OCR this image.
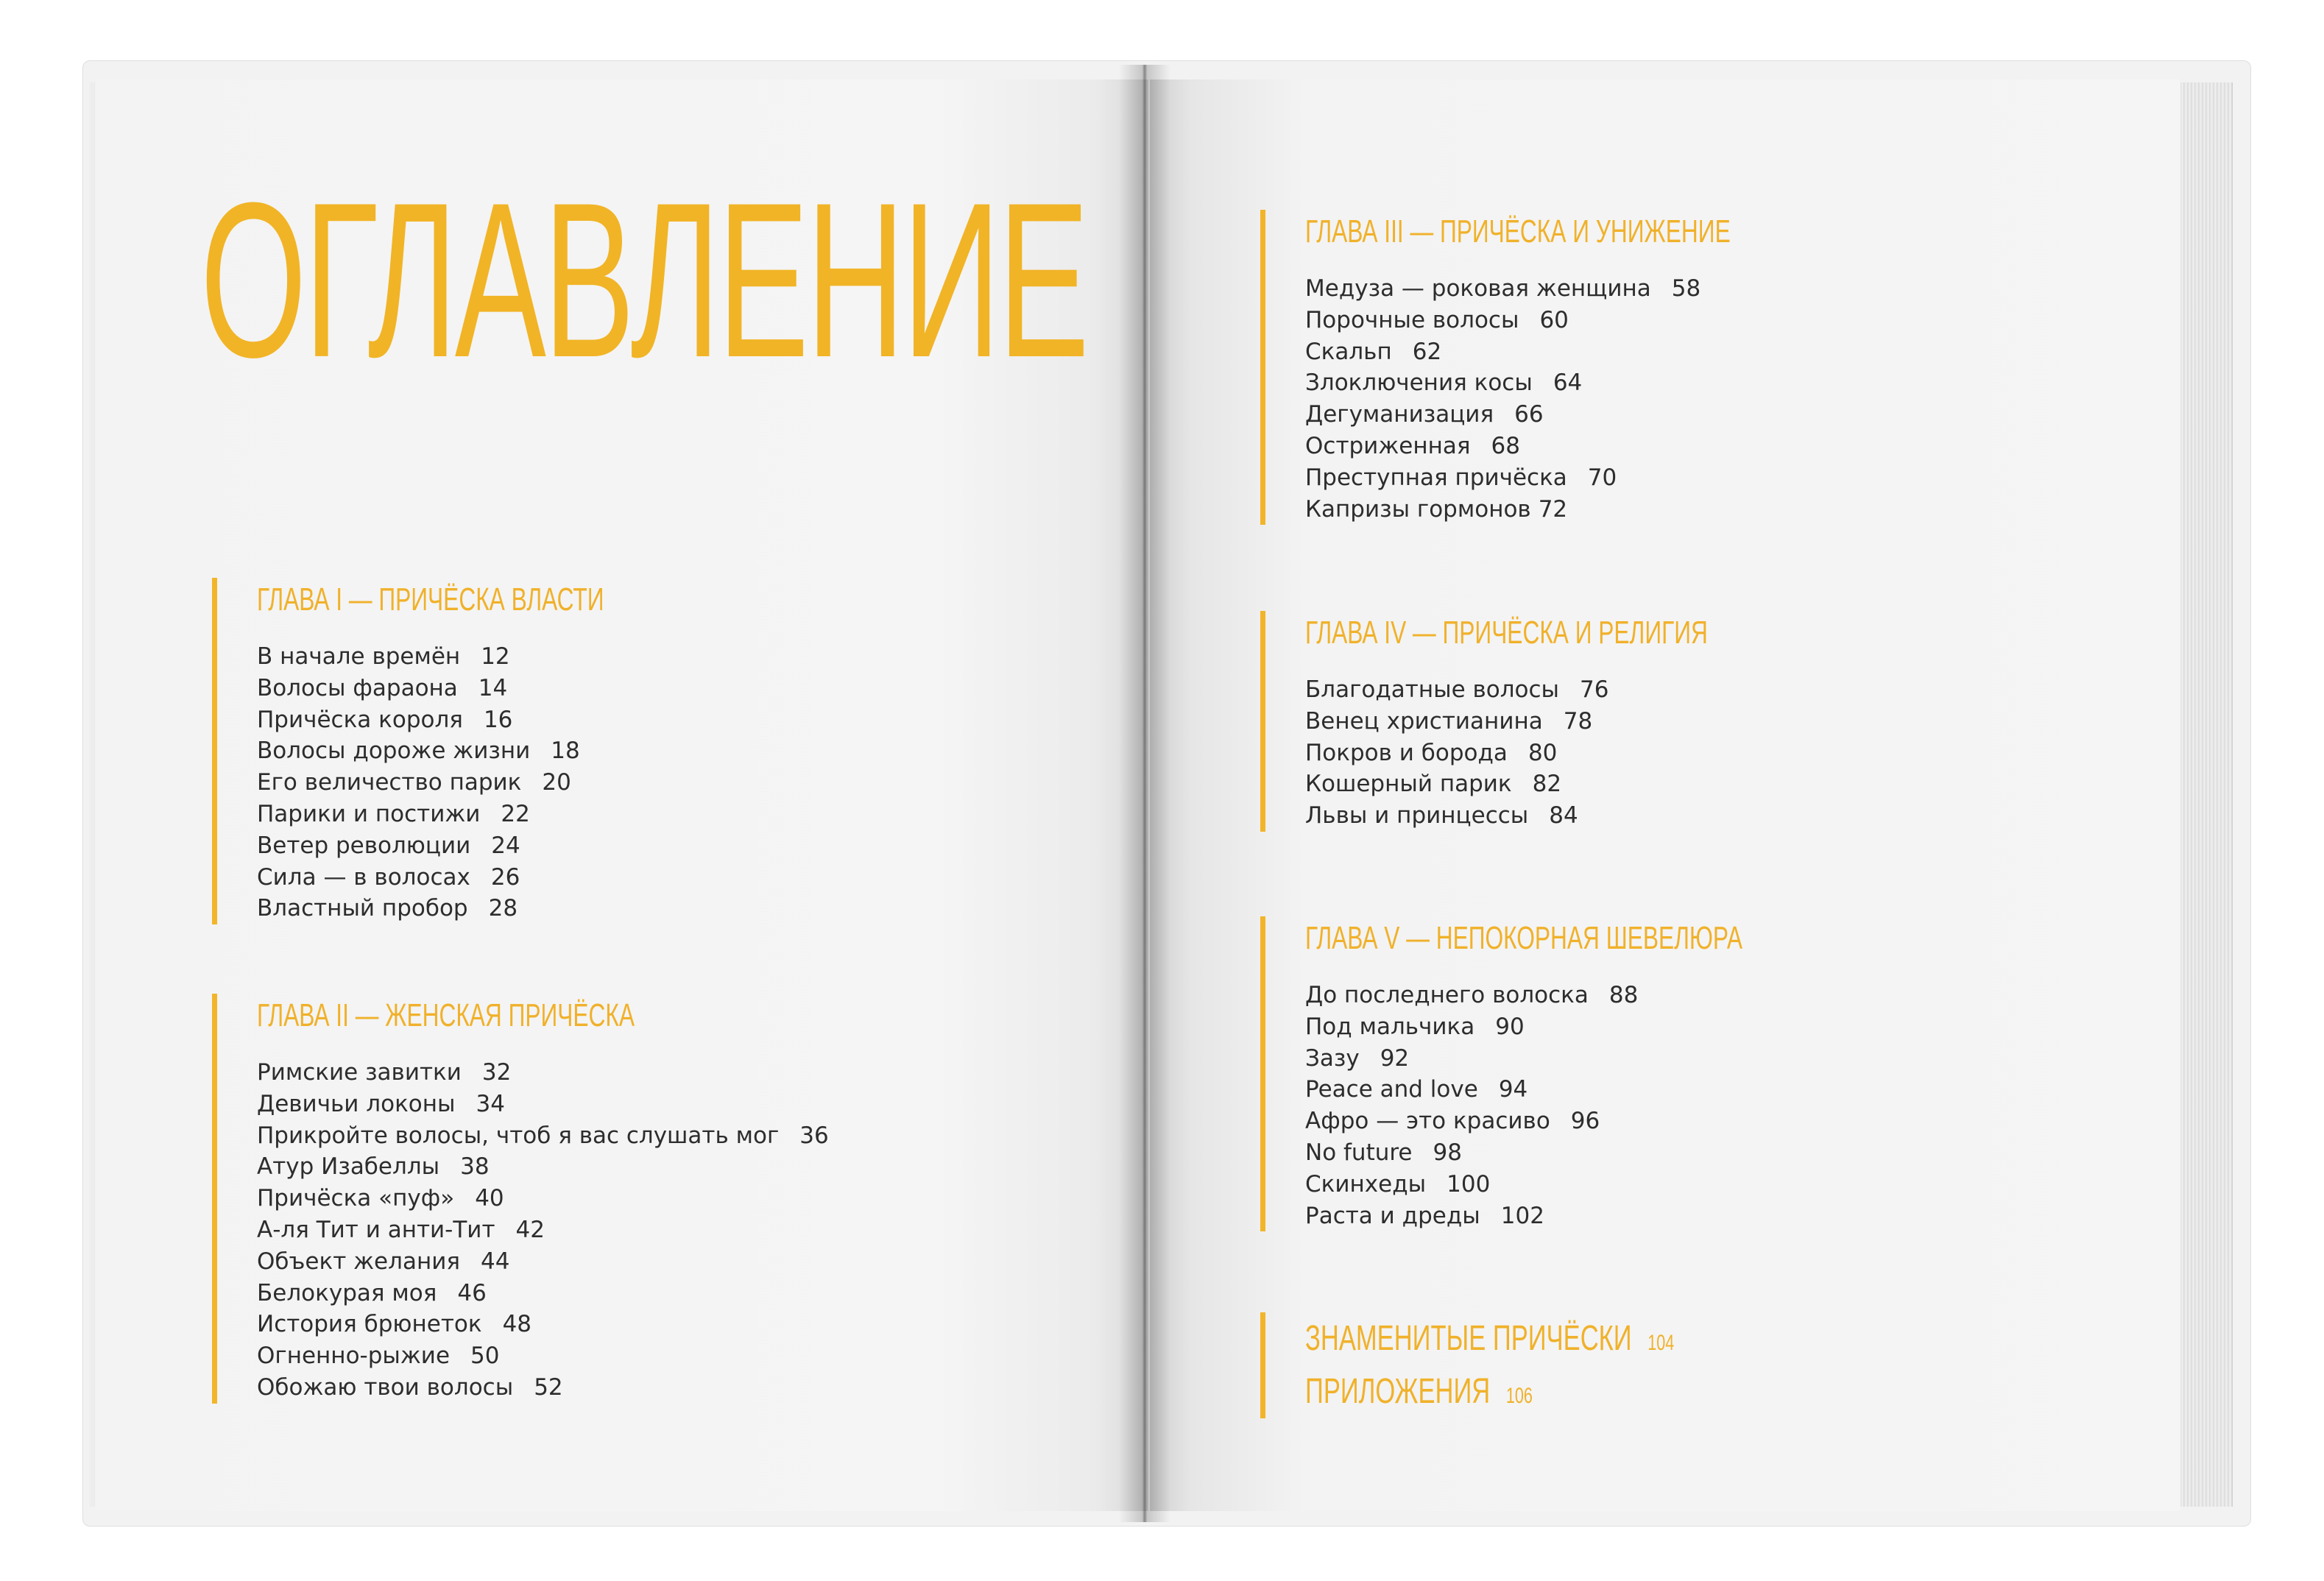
ОГЛАВЛЕНИЕ
ГЛАВА I — ПРИЧЁСКА ВЛАСТИ
В начале времён 12
Волосы фараона 14
Причёска короля 16
Волосы дороже жизни 18
Его величество парик 20
Парики и постижи 22
Ветер революции 24
Сила — в волосах 26
Властный пробор 28
ГЛАВА II — ЖЕНСКАЯ ПРИЧЁСКА
Римские завитки 32
Девичьи локоны 34
Прикройте волосы, чтоб я вас слушать мог 36
Атур Изабеллы 38
Причёска «пуф» 40
А-ля Тит и анти-Тит 42
Объект желания 44
Белокурая моя 46
История брюнеток 48
Огненно-рыжие 50
Обожаю твои волосы 52
ГЛАВА III — ПРИЧЁСКА И УНИЖЕНИЕ
Медуза — роковая женщина 58
Порочные волосы 60
Скальп 62
Злоключения косы 64
Дегуманизация 66
Остриженная 68
Преступная причёска 70
Капризы гормонов 72
ГЛАВА IV — ПРИЧЁСКА И РЕЛИГИЯ
Благодатные волосы 76
Венец христианина 78
Покров и борода 80
Кошерный парик 82
Львы и принцессы 84
ГЛАВА V — НЕПОКОРНАЯ ШЕВЕЛЮРА
До последнего волоска 88
Под мальчика 90
Зазу 92
Peace and love 94
Афро — это красиво 96
No future 98
Скинхеды 100
Раста и дреды 102
ЗНАМЕНИТЫЕ ПРИЧЁСКИ 104
ПРИЛОЖЕНИЯ 106
